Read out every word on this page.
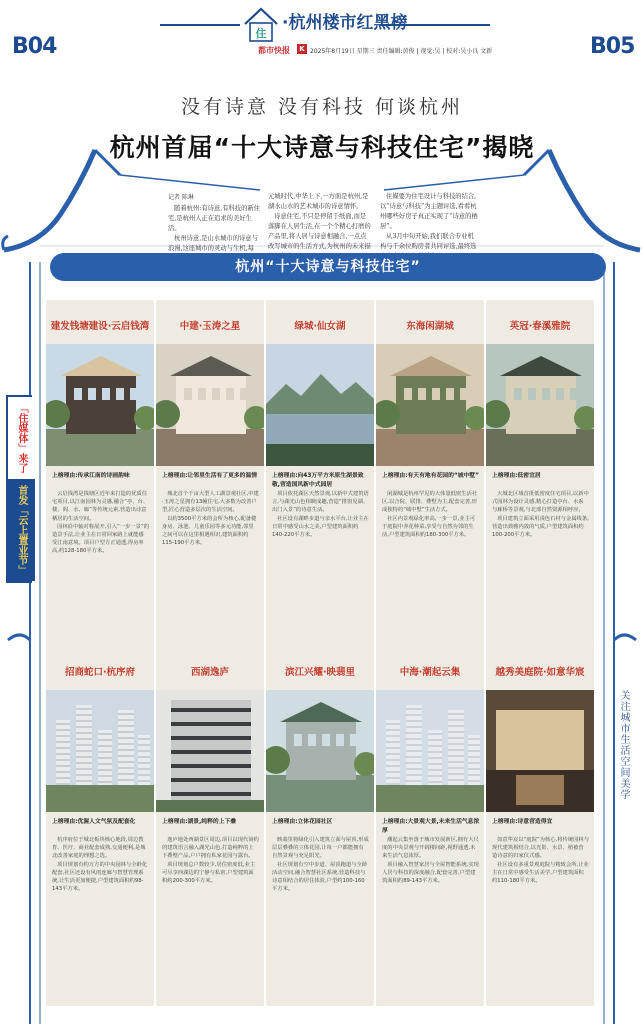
B04	B05
住
·杭州楼市红黑榜
都市快报	K 2025年8月19日 星期三 责任编辑:黄俊 | 视觉:吴 | 校对:吴小良 文新
没有诗意 没有科技 何谈杭州
杭州首届“十大诗意与科技住宅”揭晓
记者 陈琳
随着杭州:有诗意,有科技的新住宅,是杭州人正在追求的美好生活。
杭州诗意,是山水城市的诗意与浪漫,这座城市的灵动与生机,每
元城时代,中华上下,一方面是杭州,是湖水山水的艺术城市的诗意情怀。
诗意住宅,不只是停留于纸面,而是落脚在人居生活,在一个个精心打磨的产品里,将人居与诗意相融合,一点点改写城市的生活方式,为杭州的未来描
住媒要为住宅设计与科技的结合,以“诗意与科技”为主题评选,看看杭州哪些好房子真正实现了“诗意的栖居”。
从3月中旬开始,我们联合专业机构与千余位购房者共同评选,最终选
「住媒体」来了
首发「云上置业节」
关注城市生活空间美学
杭州“十大诗意与科技住宅”
建发钱塘建设·云启钱湾
上榜理由:传承江南的诗画韵味
云启钱湾是钱塘区近年来打造的优质住宅项目,以江南园林为灵感,融合“亭、台、楼、阁、水、廊”等传统元素,营造出诗意栖居的生活空间。
园林沿中轴对称展开,引入“一步一景”的造景手法,让业主在日常回家路上就能感受江南意境。项目户型方正通透,得房率高,约128-180平方米。
中建·玉涛之星
上榜理由:让邻里生活有了更多的温情
城北首个千亩大型人工湖景观社区,中建·玉涛之星拥有13幢住宅,大多数为改善户型,匠心营造多层次的生活空间。
以约3500平方米的会所为核心,配备健身房、泳池、儿童乐园等多元功能,邻里之间可以在这里相遇相识,建筑面积约115-190平方米。
绿城·仙女湖
上榜理由:向43万平方米原生湖景致敬,营造国风新中式园居
项目依托湖区天然景观,以新中式建筑语言,与湖光山色相映成趣,营造“推窗见湖、出门入景”的诗意生活。
社区设有湖畔步道与亲水平台,让业主在日常中感受山水之美,户型建筑面积约140-220平方米。
东海闲湖城
上榜理由:有天有地有花园的“城中墅”
闲湖城是杭州罕见的大体量低密生活社区,以合院、联排、叠墅为主,配套完善,形成独特的“城中墅”生活方式。
社区内景观绿化率高,一步一景,业主可于庭院中养花种菜,享受与自然为邻的生活,户型建筑面积约180-300平方米。
英冠·春溪雅院
上榜理由:低密宜居
大城北区域首批低密度住宅项目,以新中式园林为设计灵感,精心打造亭台、水系与廊桥等景观,与北部自然资源相呼应。
项目建筑立面采用浅色石材与金属线条,营造出典雅内敛的气质,户型建筑面积约100-200平方米。
招商蛇口·杭序府
上榜理由:优渥人文气氛及配套化
杭序府位于城北板块核心地段,周边教育、医疗、商业配套成熟,交通便利,是城北改善家庭的理想之选。
项目规划有约万方的中央园林与全龄化配套,社区还设有风雨连廊与智慧管理系统,让生活更加便捷,户型建筑面积约98-143平方米。
西湖逸庐
上榜理由:湖景,纯粹的上下叠
逸庐地处西湖景区周边,项目以现代简约的建筑语言融入湖光山色,打造纯粹的上下叠墅产品,户户拥有私家花园与露台。
项目规划总户数较少,居住密度低,业主可尽享西湖边的宁静与私密,户型建筑面积约200-300平方米。
滨江兴耀·映翡里
上榜理由:立体花园社区
映翡里将绿化引入建筑立面与屋顶,形成层层叠叠的立体花园,让每一户都能拥有自然景观与充足阳光。
社区规划有空中步道、屋顶跑道与全龄活动空间,融合智慧社区系统,营造科技与诗意相结合的居住体验,户型约100-160平方米。
中海·潮起云集
上榜理由:大景观大景,未来生活气息浓厚
潮起云集坐落于城市发展新区,拥有大尺度的中央景观与开阔楼间距,视野通透,未来生活气息浓厚。
项目融入智慧家居与全屋智能系统,实现人居与科技的深度融合,配套完善,户型建筑面积约89-143平方米。
越秀美庭院·如意华宸
上榜理由:诗意营造得宜
如意华宸以“庭院”为核心,将传统园林与现代建筑相结合,以光影、水景、植被营造诗意的归家仪式感。
社区设有多重景观庭院与精致会所,让业主在日常中感受生活美学,户型建筑面积约110-180平方米。
